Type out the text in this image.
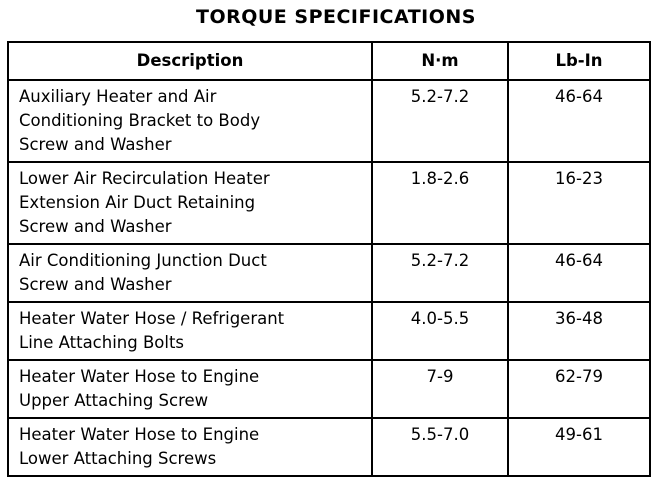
TORQUE SPECIFICATIONS
Description	N·m	Lb-In
Auxiliary Heater and Air
Conditioning Bracket to Body
Screw and Washer	5.2-7.2	46-64
Lower Air Recirculation Heater
Extension Air Duct Retaining
Screw and Washer	1.8-2.6	16-23
Air Conditioning Junction Duct
Screw and Washer	5.2-7.2	46-64
Heater Water Hose / Refrigerant
Line Attaching Bolts	4.0-5.5	36-48
Heater Water Hose to Engine
Upper Attaching Screw	7-9	62-79
Heater Water Hose to Engine
Lower Attaching Screws	5.5-7.0	49-61
